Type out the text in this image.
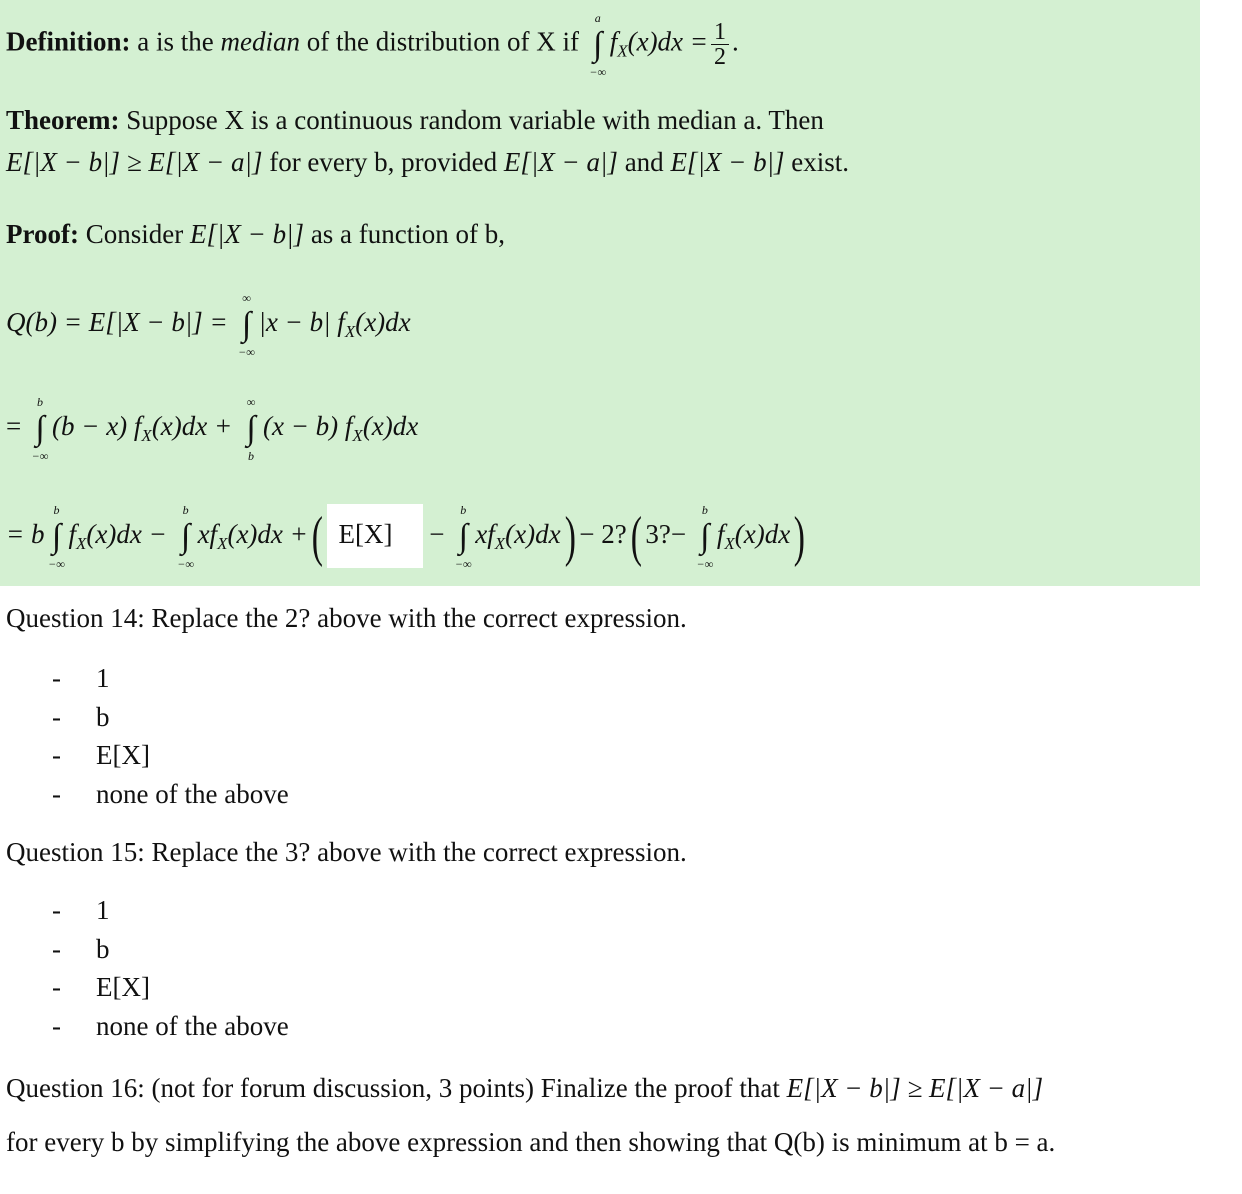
Definition: a is the median of the distribution of X if
a
∫
−∞
$f_X(x)dx = \frac{1}{2}$ .
Theorem: Suppose X is a continuous random variable with median a. Then
E[|X − b|] ≥ E[|X − a|] for every b, provided E[|X − a|] and E[|X − b|] exist.
Proof: Consider E[|X − b|] as a function of b,
Q(b) = E[|X − b|] =
∞
∫
−∞
|x − b| $f_X(x)dx$
=
b
∫
−∞
(b − x) $f_X(x)dx$ +
∞
∫
b
(x − b) $f_X(x)dx$
= b
b
∫
−∞
$f_X(x)dx$ −
b
∫
−∞
$xf_X(x)dx$ +( E[X] −
b
∫
−∞
$xf_X(x)dx$) − 2?( 3?−
b
∫
−∞
$f_X(x)dx$)
Question 14: Replace the 2? above with the correct expression.
- 1
- b
- E[X]
- none of the above
Question 15: Replace the 3? above with the correct expression.
- 1
- b
- E[X]
- none of the above
Question 16: (not for forum discussion, 3 points) Finalize the proof that E[|X − b|] ≥ E[|X − a|]
for every b by simplifying the above expression and then showing that Q(b) is minimum at b = a.
